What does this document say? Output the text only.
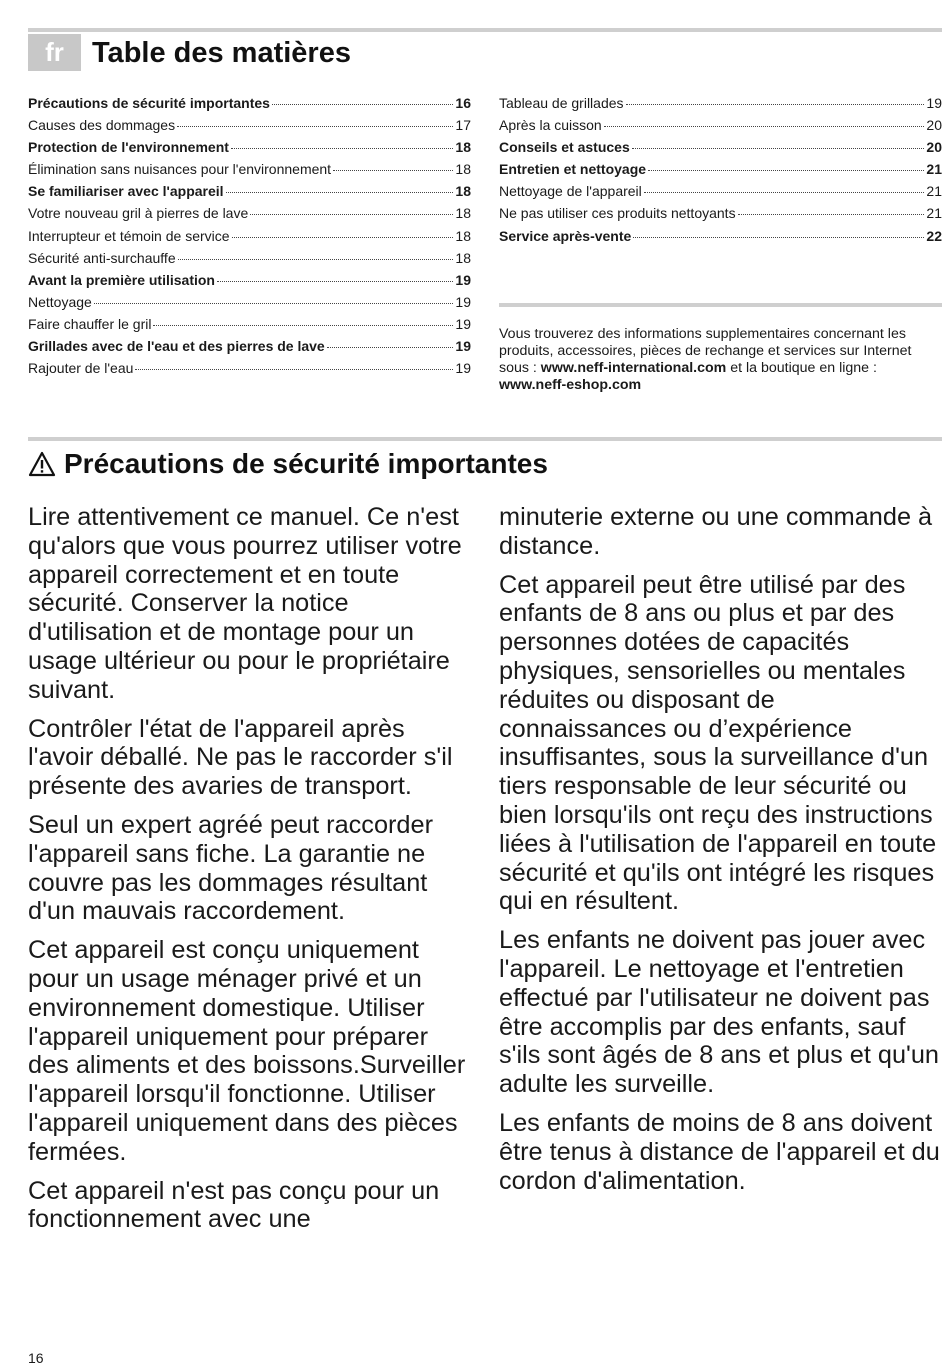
fr Table des matières
Précautions de sécurité importantes	16
Causes des dommages	17
Protection de l'environnement	18
Élimination sans nuisances pour l'environnement	18
Se familiariser avec l'appareil	18
Votre nouveau gril à pierres de lave	18
Interrupteur et témoin de service	18
Sécurité anti-surchauffe	18
Avant la première utilisation	19
Nettoyage	19
Faire chauffer le gril	19
Grillades avec de l'eau et des pierres de lave	19
Rajouter de l'eau	19
Tableau de grillades	19
Après la cuisson	20
Conseils et astuces	20
Entretien et nettoyage	21
Nettoyage de l'appareil	21
Ne pas utiliser ces produits nettoyants	21
Service après-vente	22
Vous trouverez des informations supplementaires concernant les produits, accessoires, pièces de rechange et services sur Internet sous : www.neff-international.com et la boutique en ligne : www.neff-eshop.com
Précautions de sécurité importantes

Lire attentivement ce manuel. Ce n'est qu'alors que vous pourrez utiliser votre appareil correctement et en toute sécurité. Conserver la notice d'utilisation et de montage pour un usage ultérieur ou pour le propriétaire suivant.

Contrôler l'état de l'appareil après l'avoir déballé. Ne pas le raccorder s'il présente des avaries de transport.

Seul un expert agréé peut raccorder l'appareil sans fiche. La garantie ne couvre pas les dommages résultant d'un mauvais raccordement.

Cet appareil est conçu uniquement pour un usage ménager privé et un environnement domestique. Utiliser l'appareil uniquement pour préparer des aliments et des boissons.Surveiller l'appareil lorsqu'il fonctionne. Utiliser l'appareil uniquement dans des pièces fermées.

Cet appareil n'est pas conçu pour un fonctionnement avec une

minuterie externe ou une commande à distance.

Cet appareil peut être utilisé par des enfants de 8 ans ou plus et par des personnes dotées de capacités physiques, sensorielles ou mentales réduites ou disposant de connaissances ou d’expérience insuffisantes, sous la surveillance d'un tiers responsable de leur sécurité ou bien lorsqu'ils ont reçu des instructions liées à l'utilisation de l'appareil en toute sécurité et qu'ils ont intégré les risques qui en résultent.

Les enfants ne doivent pas jouer avec l'appareil. Le nettoyage et l'entretien effectué par l'utilisateur ne doivent pas être accomplis par des enfants, sauf s'ils sont âgés de 8 ans et plus et qu'un adulte les surveille.

Les enfants de moins de 8 ans doivent être tenus à distance de l'appareil et du cordon d'alimentation.

16
